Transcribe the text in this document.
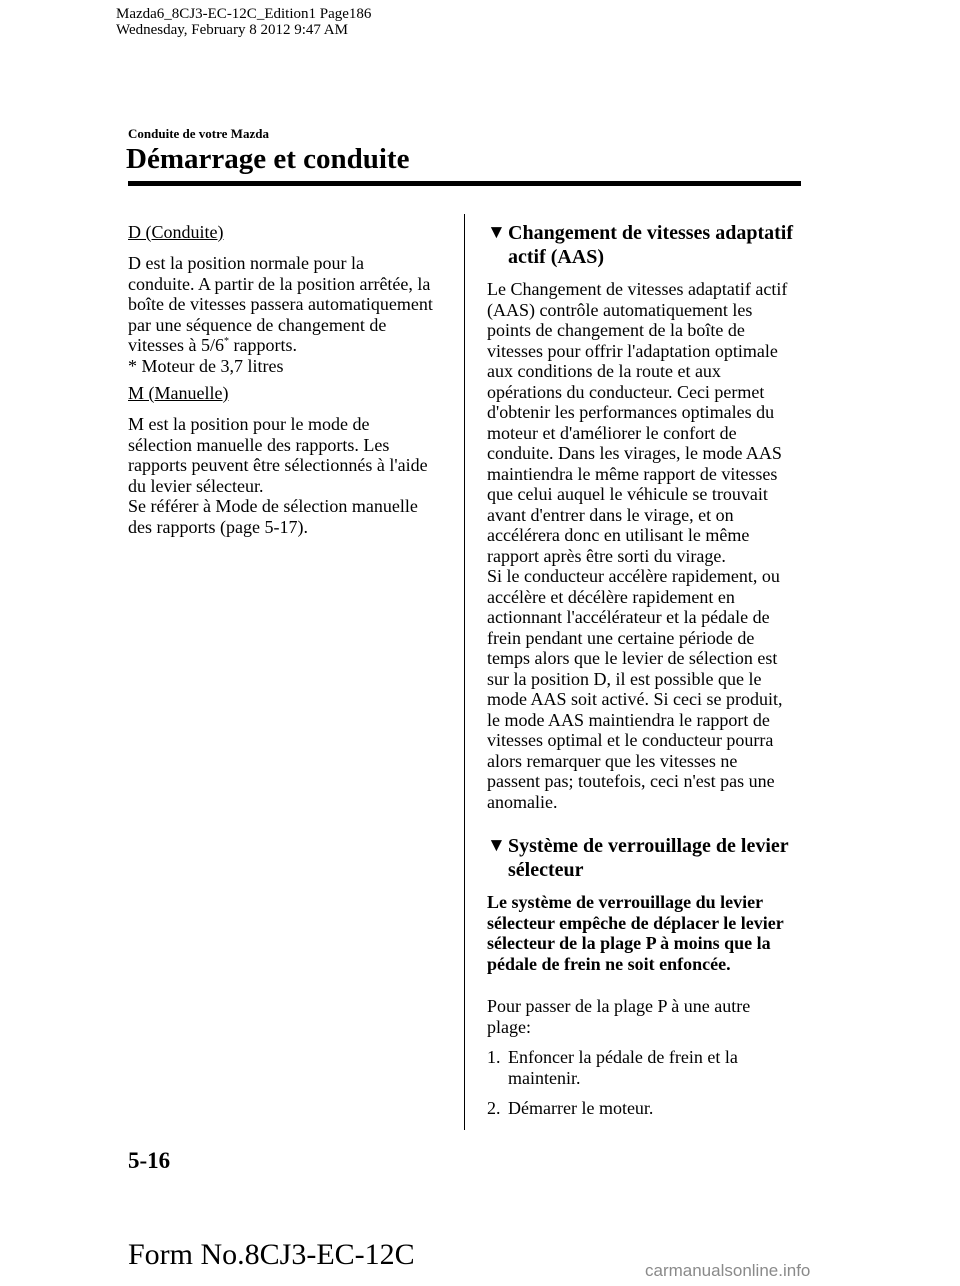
Mazda6_8CJ3-EC-12C_Edition1 Page186
Wednesday, February 8 2012 9:47 AM
Conduite de votre Mazda
Démarrage et conduite

D (Conduite)

D est la position normale pour la
conduite. A partir de la position arrêtée, la
boîte de vitesses passera automatiquement
par une séquence de changement de
vitesses à 5/6* rapports.
* Moteur de 3,7 litres

M (Manuelle)

M est la position pour le mode de
sélection manuelle des rapports. Les
rapports peuvent être sélectionnés à l'aide
du levier sélecteur.
Se référer à Mode de sélection manuelle
des rapports (page 5-17).

▼ Changement de vitesses adaptatif
actif (AAS)

Le Changement de vitesses adaptatif actif
(AAS) contrôle automatiquement les
points de changement de la boîte de
vitesses pour offrir l'adaptation optimale
aux conditions de la route et aux
opérations du conducteur. Ceci permet
d'obtenir les performances optimales du
moteur et d'améliorer le confort de
conduite. Dans les virages, le mode AAS
maintiendra le même rapport de vitesses
que celui auquel le véhicule se trouvait
avant d'entrer dans le virage, et on
accélérera donc en utilisant le même
rapport après être sorti du virage.
Si le conducteur accélère rapidement, ou
accélère et décélère rapidement en
actionnant l'accélérateur et la pédale de
frein pendant une certaine période de
temps alors que le levier de sélection est
sur la position D, il est possible que le
mode AAS soit activé. Si ceci se produit,
le mode AAS maintiendra le rapport de
vitesses optimal et le conducteur pourra
alors remarquer que les vitesses ne
passent pas; toutefois, ceci n'est pas une
anomalie.

▼ Système de verrouillage de levier
sélecteur

Le système de verrouillage du levier
sélecteur empêche de déplacer le levier
sélecteur de la plage P à moins que la
pédale de frein ne soit enfoncée.

Pour passer de la plage P à une autre
plage:

1. Enfoncer la pédale de frein et la
maintenir.
2. Démarrer le moteur.
5-16
Form No.8CJ3-EC-12C	carmanualsonline.info
